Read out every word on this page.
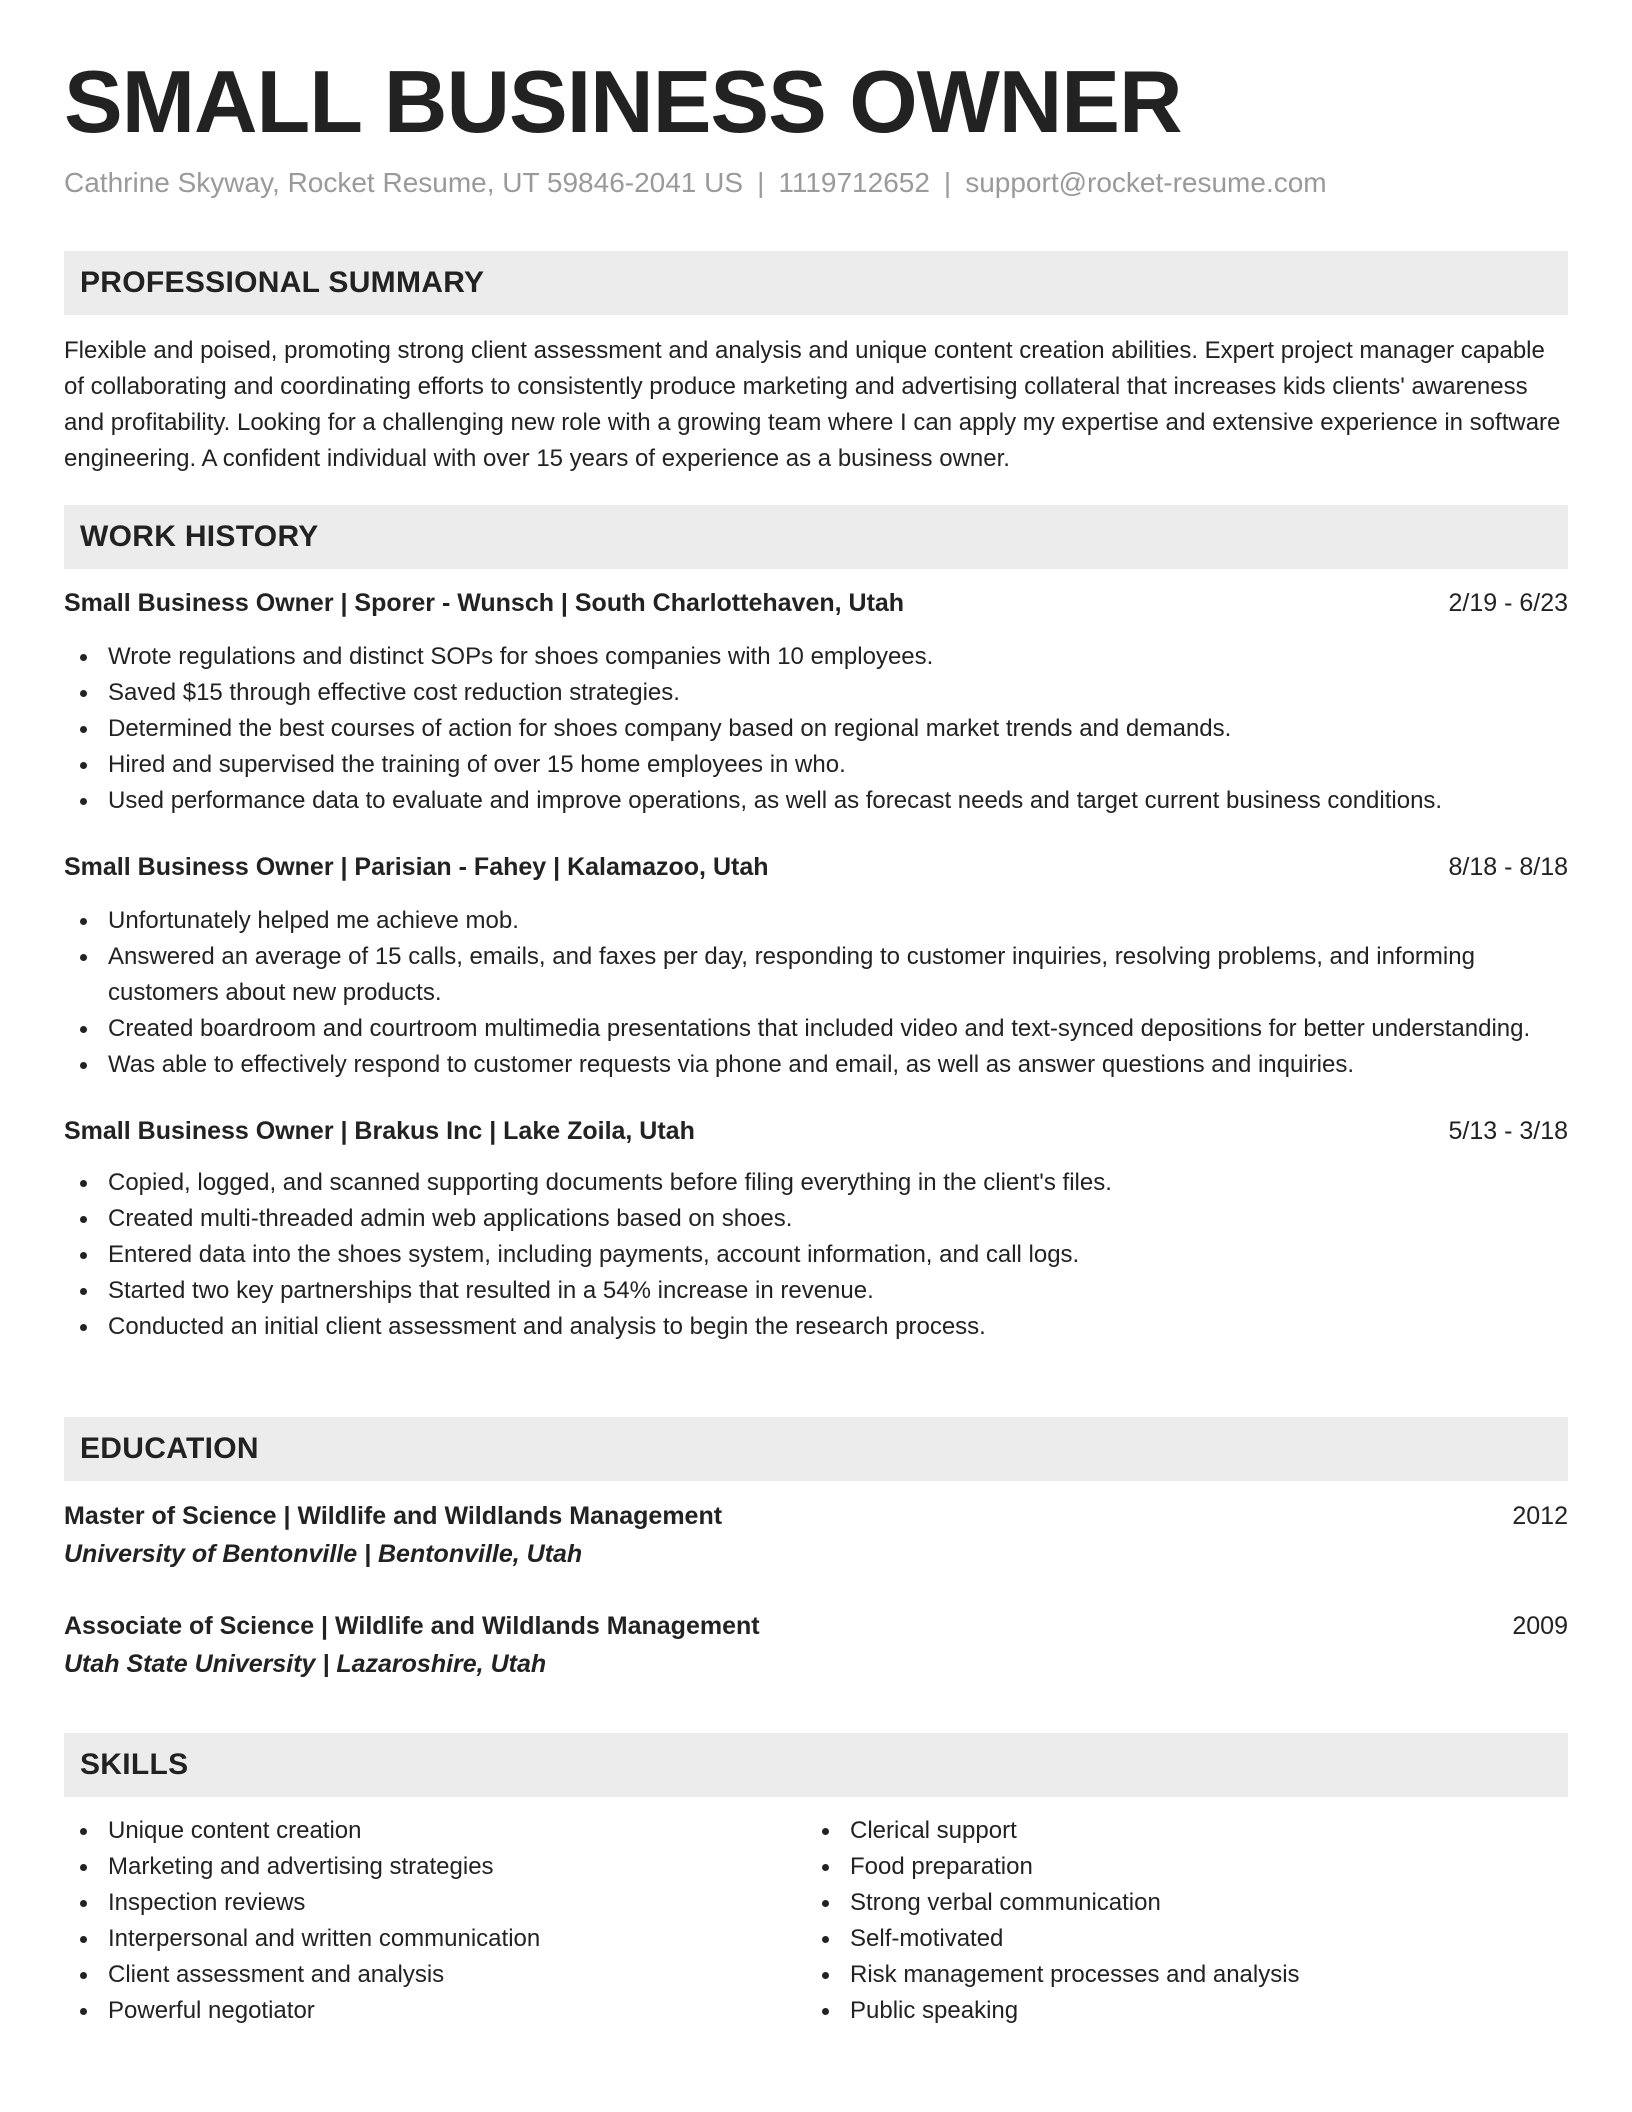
SMALL BUSINESS OWNER
Cathrine Skyway, Rocket Resume, UT 59846-2041 US | 1119712652 | support@rocket-resume.com
PROFESSIONAL SUMMARY

Flexible and poised, promoting strong client assessment and analysis and unique content creation abilities. Expert project manager capable of collaborating and coordinating efforts to consistently produce marketing and advertising collateral that increases kids clients' awareness and profitability. Looking for a challenging new role with a growing team where I can apply my expertise and extensive experience in software engineering. A confident individual with over 15 years of experience as a business owner.

WORK HISTORY
Small Business Owner | Sporer - Wunsch | South Charlottehaven, Utah	2/19 - 6/23
Wrote regulations and distinct SOPs for shoes companies with 10 employees.
Saved $15 through effective cost reduction strategies.
Determined the best courses of action for shoes company based on regional market trends and demands.
Hired and supervised the training of over 15 home employees in who.
Used performance data to evaluate and improve operations, as well as forecast needs and target current business conditions.
Small Business Owner | Parisian - Fahey | Kalamazoo, Utah	8/18 - 8/18
Unfortunately helped me achieve mob.
Answered an average of 15 calls, emails, and faxes per day, responding to customer inquiries, resolving problems, and informing customers about new products.
Created boardroom and courtroom multimedia presentations that included video and text-synced depositions for better understanding.
Was able to effectively respond to customer requests via phone and email, as well as answer questions and inquiries.
Small Business Owner | Brakus Inc | Lake Zoila, Utah	5/13 - 3/18
Copied, logged, and scanned supporting documents before filing everything in the client's files.
Created multi-threaded admin web applications based on shoes.
Entered data into the shoes system, including payments, account information, and call logs.
Started two key partnerships that resulted in a 54% increase in revenue.
Conducted an initial client assessment and analysis to begin the research process.
EDUCATION
Master of Science | Wildlife and Wildlands Management	2012
University of Bentonville | Bentonville, Utah
Associate of Science | Wildlife and Wildlands Management	2009
Utah State University | Lazaroshire, Utah
SKILLS
Unique content creation
Marketing and advertising strategies
Inspection reviews
Interpersonal and written communication
Client assessment and analysis
Powerful negotiator
Clerical support
Food preparation
Strong verbal communication
Self-motivated
Risk management processes and analysis
Public speaking
